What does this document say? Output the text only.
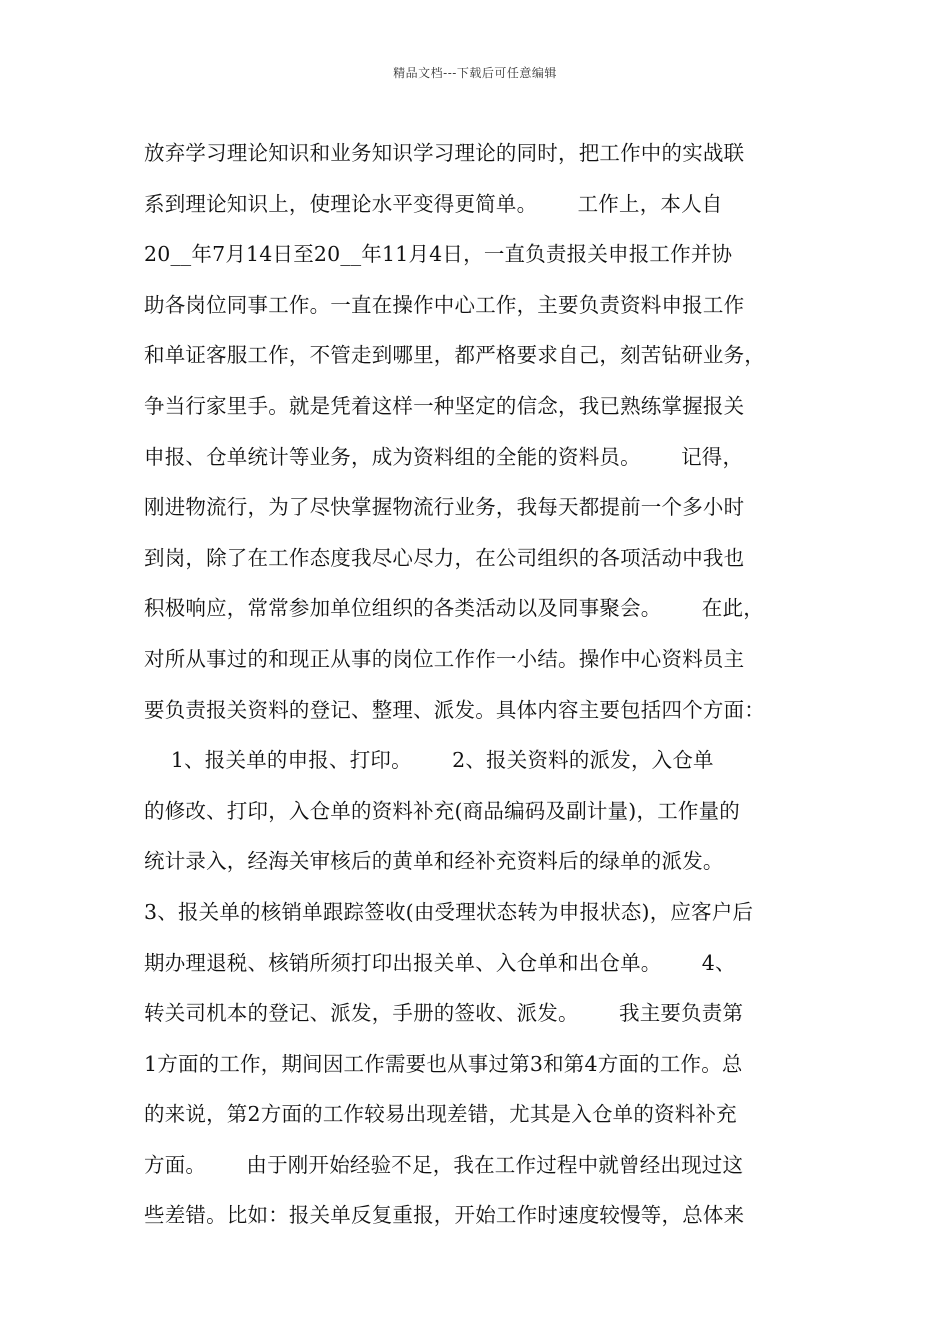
精品文档---下载后可任意编辑
放弃学习理论知识和业务知识学习理论的同时，把工作中的实战联
系到理论知识上，使理论水平变得更简单。      工作上，本人自
20__年7月14日至20__年11月4日，一直负责报关申报工作并协
助各岗位同事工作。一直在操作中心工作，主要负责资料申报工作
和单证客服工作，不管走到哪里，都严格要求自己，刻苦钻研业务，
争当行家里手。就是凭着这样一种坚定的信念，我已熟练掌握报关
申报、仓单统计等业务，成为资料组的全能的资料员。      记得，
刚进物流行，为了尽快掌握物流行业务，我每天都提前一个多小时
到岗，除了在工作态度我尽心尽力，在公司组织的各项活动中我也
积极响应，常常参加单位组织的各类活动以及同事聚会。      在此，
对所从事过的和现正从事的岗位工作作一小结。操作中心资料员主
要负责报关资料的登记、整理、派发。具体内容主要包括四个方面：
1、报关单的申报、打印。      2、报关资料的派发，入仓单
的修改、打印，入仓单的资料补充(商品编码及副计量)，工作量的
统计录入，经海关审核后的黄单和经补充资料后的绿单的派发。
3、报关单的核销单跟踪签收(由受理状态转为申报状态)，应客户后
期办理退税、核销所须打印出报关单、入仓单和出仓单。      4、
转关司机本的登记、派发，手册的签收、派发。      我主要负责第
1方面的工作，期间因工作需要也从事过第3和第4方面的工作。总
的来说，第2方面的工作较易出现差错，尤其是入仓单的资料补充
方面。      由于刚开始经验不足，我在工作过程中就曾经出现过这
些差错。比如：报关单反复重报，开始工作时速度较慢等，总体来
